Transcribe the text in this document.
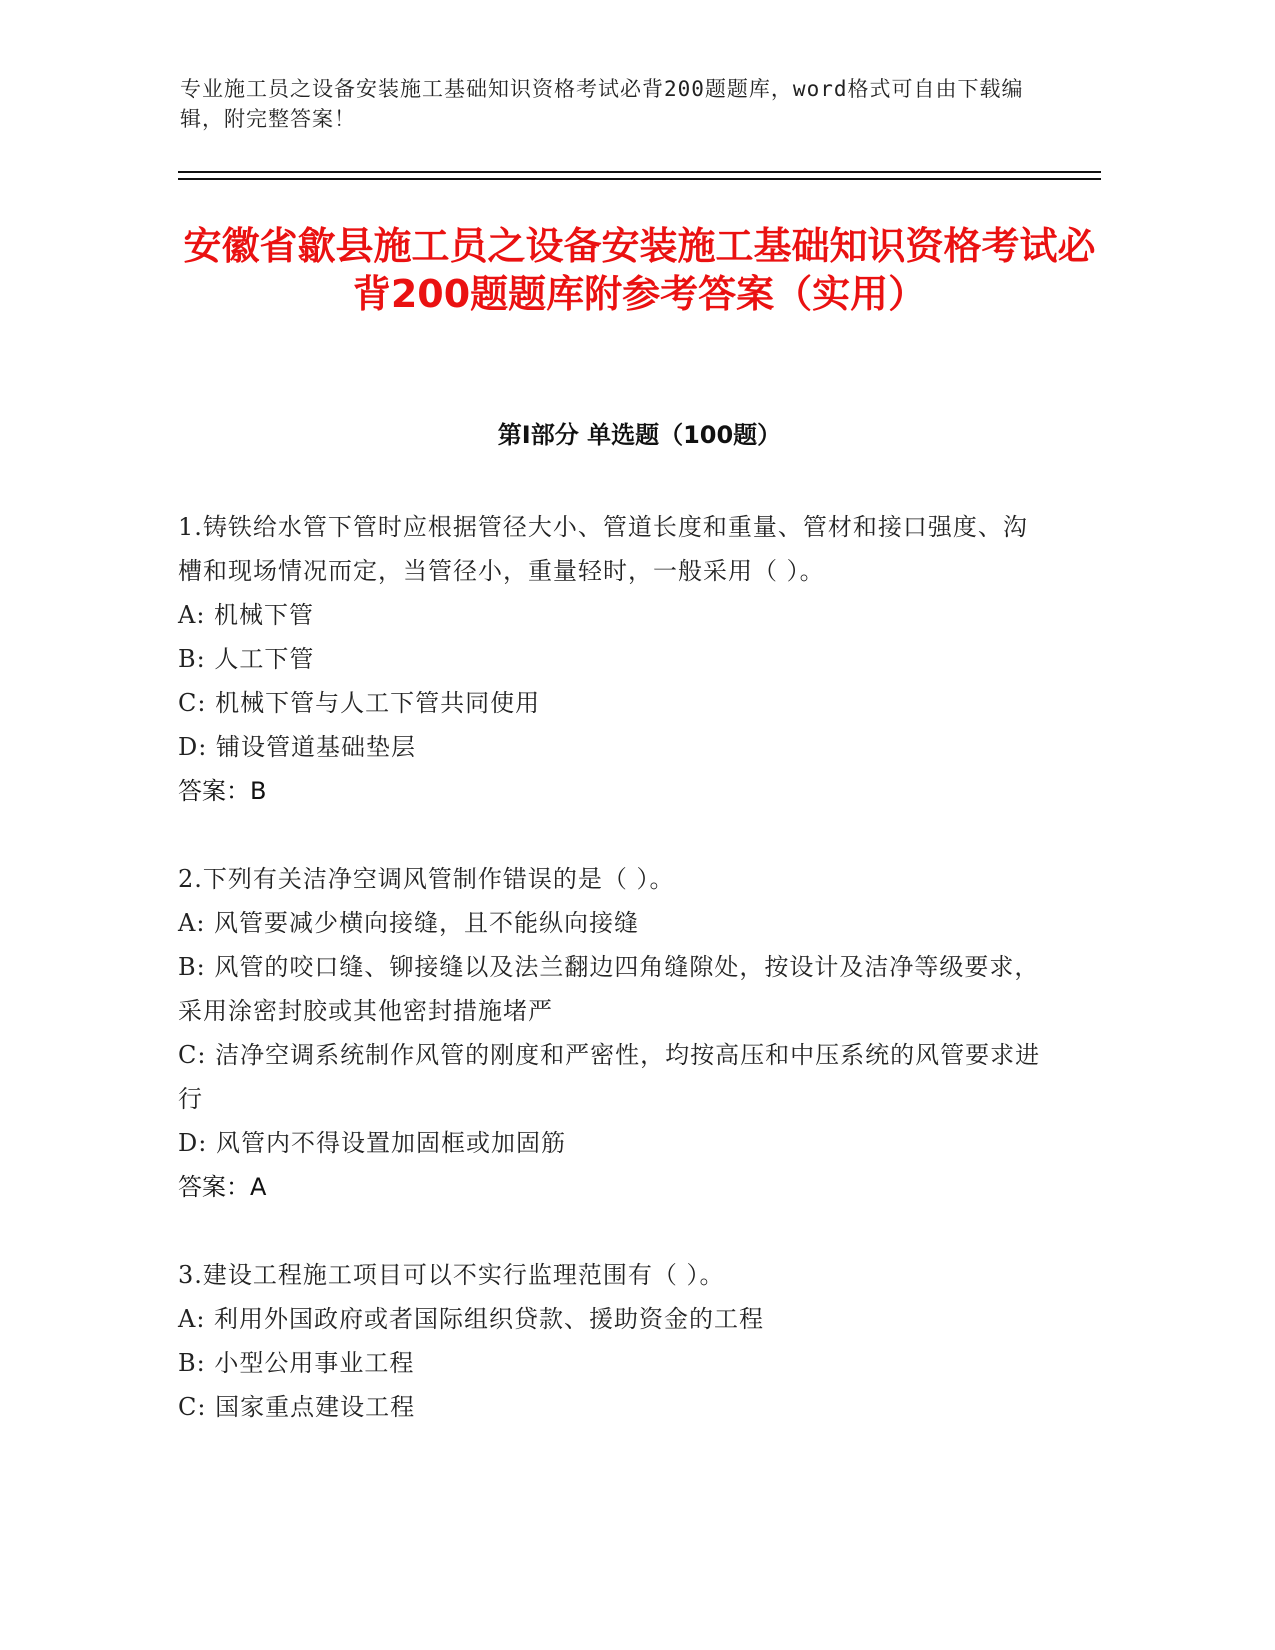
专业施工员之设备安装施工基础知识资格考试必背200题题库，word格式可自由下载编辑，附完整答案！
安徽省歙县施工员之设备安装施工基础知识资格考试必背200题题库附参考答案（实用）
第I部分 单选题（100题）
1.铸铁给水管下管时应根据管径大小、管道长度和重量、管材和接口强度、沟槽和现场情况而定，当管径小，重量轻时，一般采用（ ）。
A: 机械下管
B: 人工下管
C: 机械下管与人工下管共同使用
D: 铺设管道基础垫层
答案：B
2.下列有关洁净空调风管制作错误的是（ ）。
A: 风管要减少横向接缝，且不能纵向接缝
B: 风管的咬口缝、铆接缝以及法兰翻边四角缝隙处，按设计及洁净等级要求，采用涂密封胶或其他密封措施堵严
C: 洁净空调系统制作风管的刚度和严密性，均按高压和中压系统的风管要求进行
D: 风管内不得设置加固框或加固筋
答案：A
3.建设工程施工项目可以不实行监理范围有（ ）。
A: 利用外国政府或者国际组织贷款、援助资金的工程
B: 小型公用事业工程
C: 国家重点建设工程
